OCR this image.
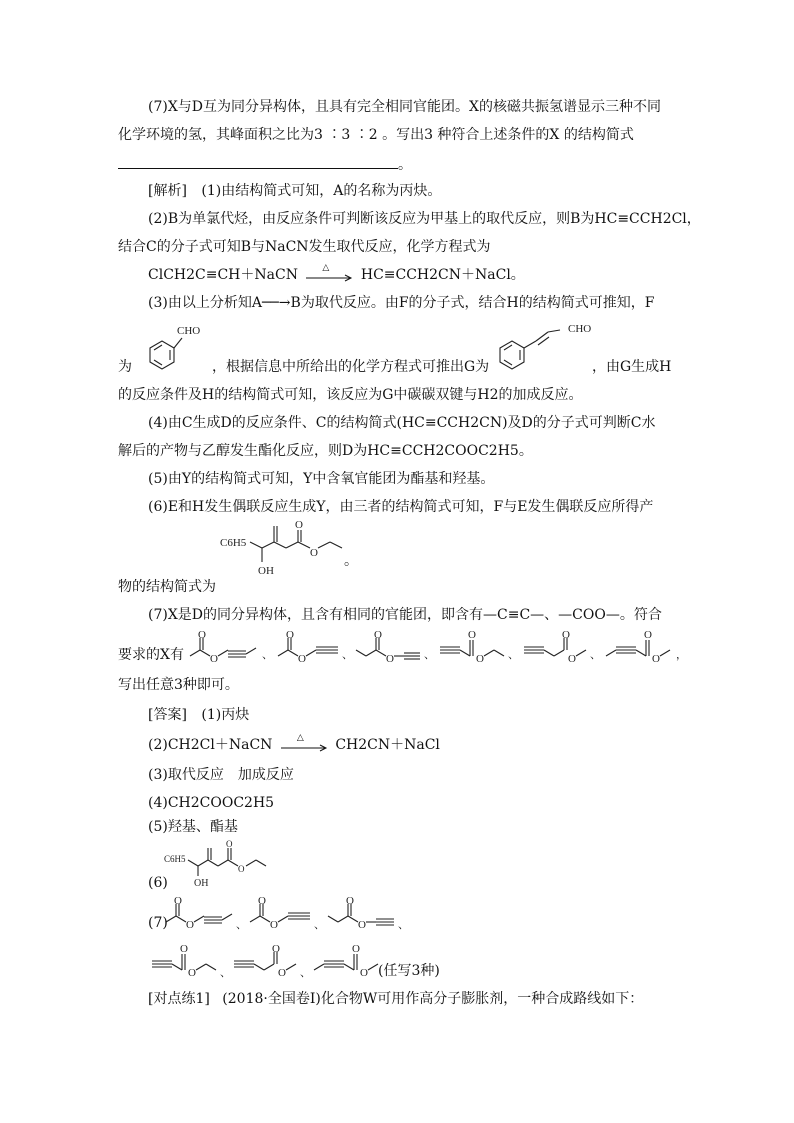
(7)X与D互为同分异构体，且具有完全相同官能团。X的核磁共振氢谱显示三种不同
化学环境的氢，其峰面积之比为3 ∶3 ∶2 。写出3 种符合上述条件的X 的结构简式
。
[解析] (1)由结构简式可知，A的名称为丙炔。
(2)B为单氯代烃，由反应条件可判断该反应为甲基上的取代反应，则B为HC≡CCH2Cl，
结合C的分子式可知B与NaCN发生取代反应，化学方程式为
ClCH2C≡CH＋NaCN	△ HC≡CCH2CN＋NaCl。
(3)由以上分析知A──→B为取代反应。由F的分子式，结合H的结构简式可推知，F
为
CHO
，根据信息中所给出的化学方程式可推出G为
CHO
，由G生成H
的反应条件及H的结构简式可知，该反应为G中碳碳双键与H2的加成反应。
(4)由C生成D的反应条件、C的结构简式(HC≡CCH2CN)及D的分子式可判断C水
解后的产物与乙醇发生酯化反应，则D为HC≡CCH2COOC2H5。
(5)由Y的结构简式可知，Y中含氧官能团为酯基和羟基。
(6)E和H发生偶联反应生成Y，由三者的结构简式可知，F与E发生偶联反应所得产
C6H5
O
O
OH
。
物的结构简式为
(7)X是D的同分异构体，且含有相同的官能团，即含有—C≡C—、—COO—。符合
要求的X有
O
O	、
O
O	、
O
O	、
O
O 、
O
O 、
O
O ，
写出任意3种即可。
[答案] (1)丙炔
(2)CH2Cl＋NaCN	△ CH2CN＋NaCl
(3)取代反应　加成反应
(4)CH2COOC2H5
(5)羟基、酯基
C6H5
O
O
OH
(6)
(7)
O
O	、
O
O	、
O
O	、
O
O 、
O
O 、
O
O (任写3种)
[对点练1] (2018·全国卷Ⅰ)化合物W可用作高分子膨胀剂，一种合成路线如下：
